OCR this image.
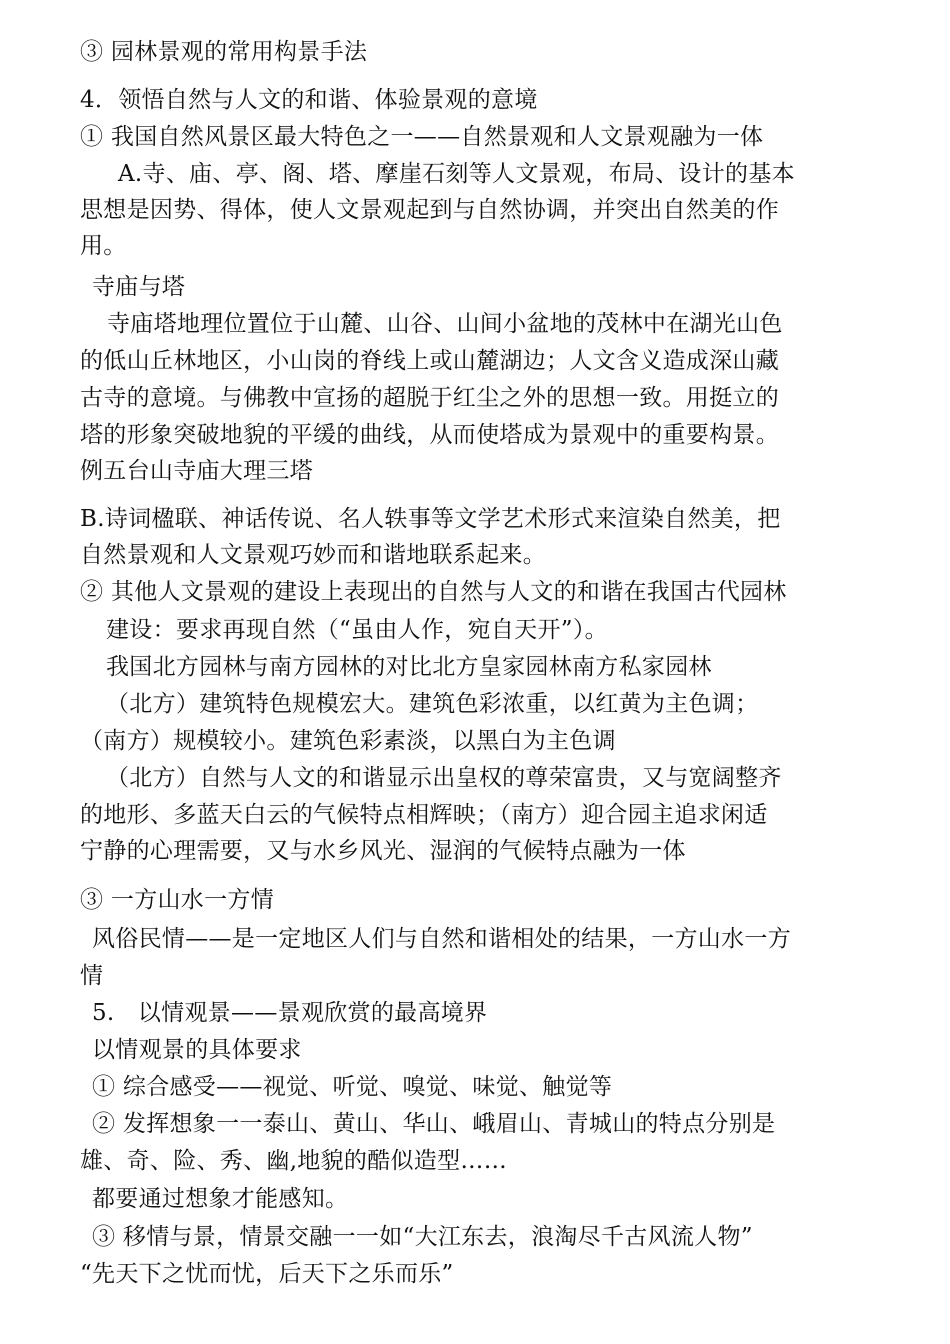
③ 园林景观的常用构景手法
4．领悟自然与人文的和谐、体验景观的意境
① 我国自然风景区最大特色之一——自然景观和人文景观融为一体
A.寺、庙、亭、阁、塔、摩崖石刻等人文景观，布局、设计的基本
思想是因势、得体，使人文景观起到与自然协调，并突出自然美的作
用。
寺庙与塔
寺庙塔地理位置位于山麓、山谷、山间小盆地的茂林中在湖光山色
的低山丘林地区，小山岗的脊线上或山麓湖边；人文含义造成深山藏
古寺的意境。与佛教中宣扬的超脱于红尘之外的思想一致。用挺立的
塔的形象突破地貌的平缓的曲线，从而使塔成为景观中的重要构景。
例五台山寺庙大理三塔
B.诗词楹联、神话传说、名人轶事等文学艺术形式来渲染自然美，把
自然景观和人文景观巧妙而和谐地联系起来。
② 其他人文景观的建设上表现出的自然与人文的和谐在我国古代园林
建设：要求再现自然（“虽由人作，宛自天开”）。
我国北方园林与南方园林的对比北方皇家园林南方私家园林
（北方）建筑特色规模宏大。建筑色彩浓重，以红黄为主色调；
（南方）规模较小。建筑色彩素淡，以黑白为主色调
（北方）自然与人文的和谐显示出皇权的尊荣富贵，又与宽阔整齐
的地形、多蓝天白云的气候特点相辉映；（南方）迎合园主追求闲适
宁静的心理需要，又与水乡风光、湿润的气候特点融为一体
③ 一方山水一方情
风俗民情——是一定地区人们与自然和谐相处的结果，一方山水一方
情
5.　以情观景——景观欣赏的最高境界
以情观景的具体要求
① 综合感受——视觉、听觉、嗅觉、味觉、触觉等
② 发挥想象一一泰山、黄山、华山、峨眉山、青城山的特点分别是
雄、奇、险、秀、幽,地貌的酷似造型……
都要通过想象才能感知。
③ 移情与景，情景交融一一如“大江东去，浪淘尽千古风流人物”
“先天下之忧而忧，后天下之乐而乐”
